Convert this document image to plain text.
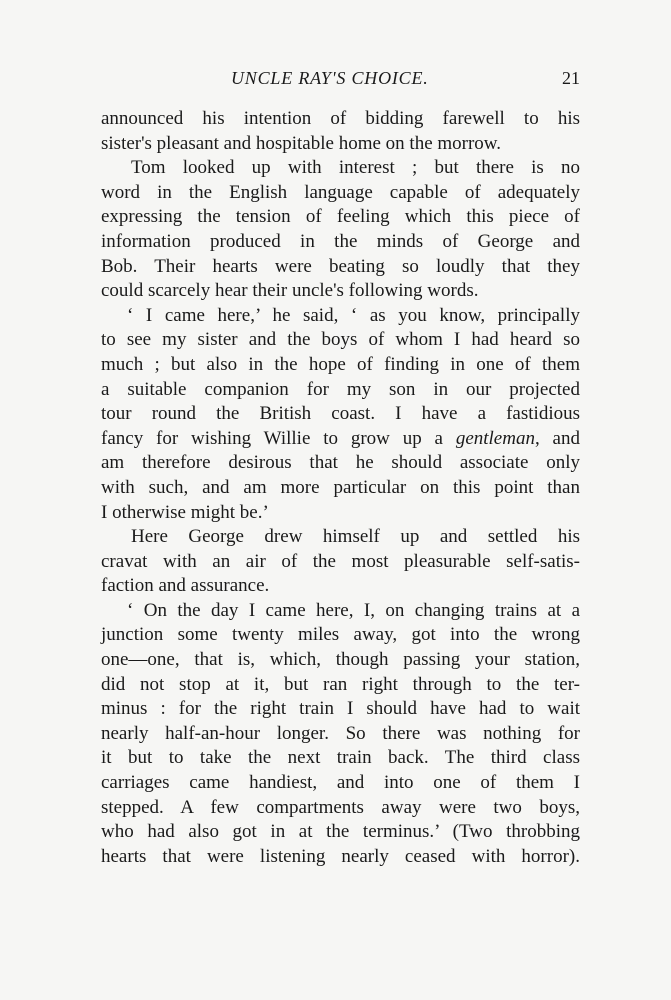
UNCLE RAY'S CHOICE.	21
announced his intention of bidding farewell to his
sister's pleasant and hospitable home on the morrow.
Tom looked up with interest ; but there is no
word in the English language capable of adequately
expressing the tension of feeling which this piece of
information produced in the minds of George and
Bob. Their hearts were beating so loudly that they
could scarcely hear their uncle's following words.
‘ I came here,’ he said, ‘ as you know, principally
to see my sister and the boys of whom I had heard so
much ; but also in the hope of finding in one of them
a suitable companion for my son in our projected
tour round the British coast. I have a fastidious
fancy for wishing Willie to grow up a gentleman, and
am therefore desirous that he should associate only
with such, and am more particular on this point than
I otherwise might be.’
Here George drew himself up and settled his
cravat with an air of the most pleasurable self-satis-
faction and assurance.
‘ On the day I came here, I, on changing trains at a
junction some twenty miles away, got into the wrong
one—one, that is, which, though passing your station,
did not stop at it, but ran right through to the ter-
minus : for the right train I should have had to wait
nearly half-an-hour longer. So there was nothing for
it but to take the next train back. The third class
carriages came handiest, and into one of them I
stepped. A few compartments away were two boys,
who had also got in at the terminus.’ (Two throbbing
hearts that were listening nearly ceased with horror).
